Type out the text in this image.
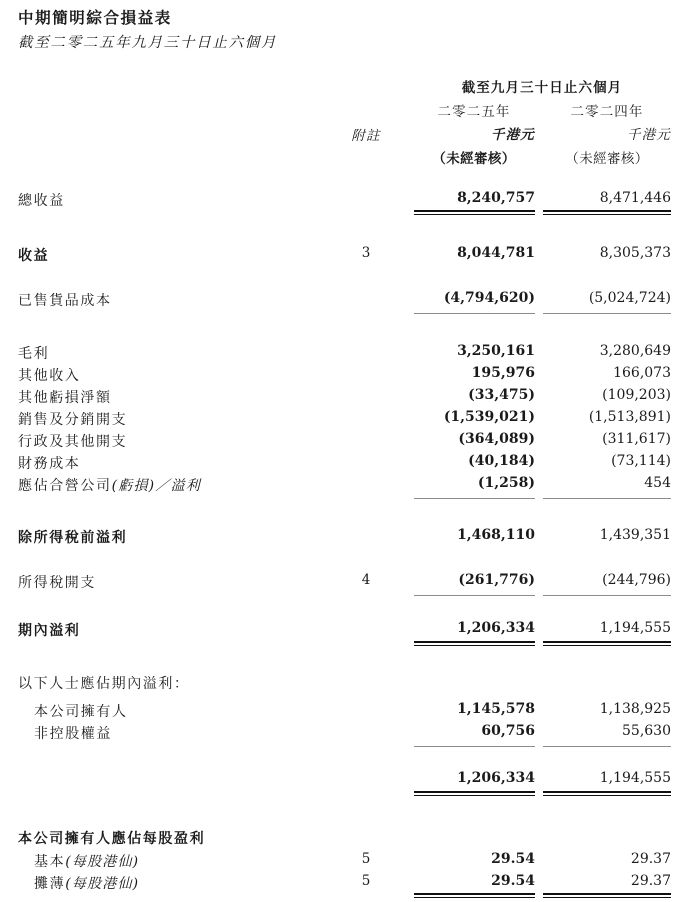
中期簡明綜合損益表
截至二零二五年九月三十日止六個月
截至九月三十日止六個月
二零二五年	二零二四年
附註	千港元	千港元
（未經審核）	（未經審核）
總收益	8,240,757	8,471,446
收益	3	8,044,781	8,305,373
已售貨品成本	(4,794,620)	(5,024,724)
毛利	3,250,161	3,280,649
其他收入	195,976	166,073
其他虧損淨額	(33,475)	(109,203)
銷售及分銷開支	(1,539,021)	(1,513,891)
行政及其他開支	(364,089)	(311,617)
財務成本	(40,184)	(73,114)
應佔合營公司(虧損)／溢利	(1,258)	454
除所得稅前溢利	1,468,110	1,439,351
所得稅開支	4	(261,776)	(244,796)
期內溢利	1,206,334	1,194,555
以下人士應佔期內溢利：
本公司擁有人	1,145,578	1,138,925
非控股權益	60,756	55,630
1,206,334	1,194,555
本公司擁有人應佔每股盈利
基本(每股港仙)	5	29.54	29.37
攤薄(每股港仙)	5	29.54	29.37
